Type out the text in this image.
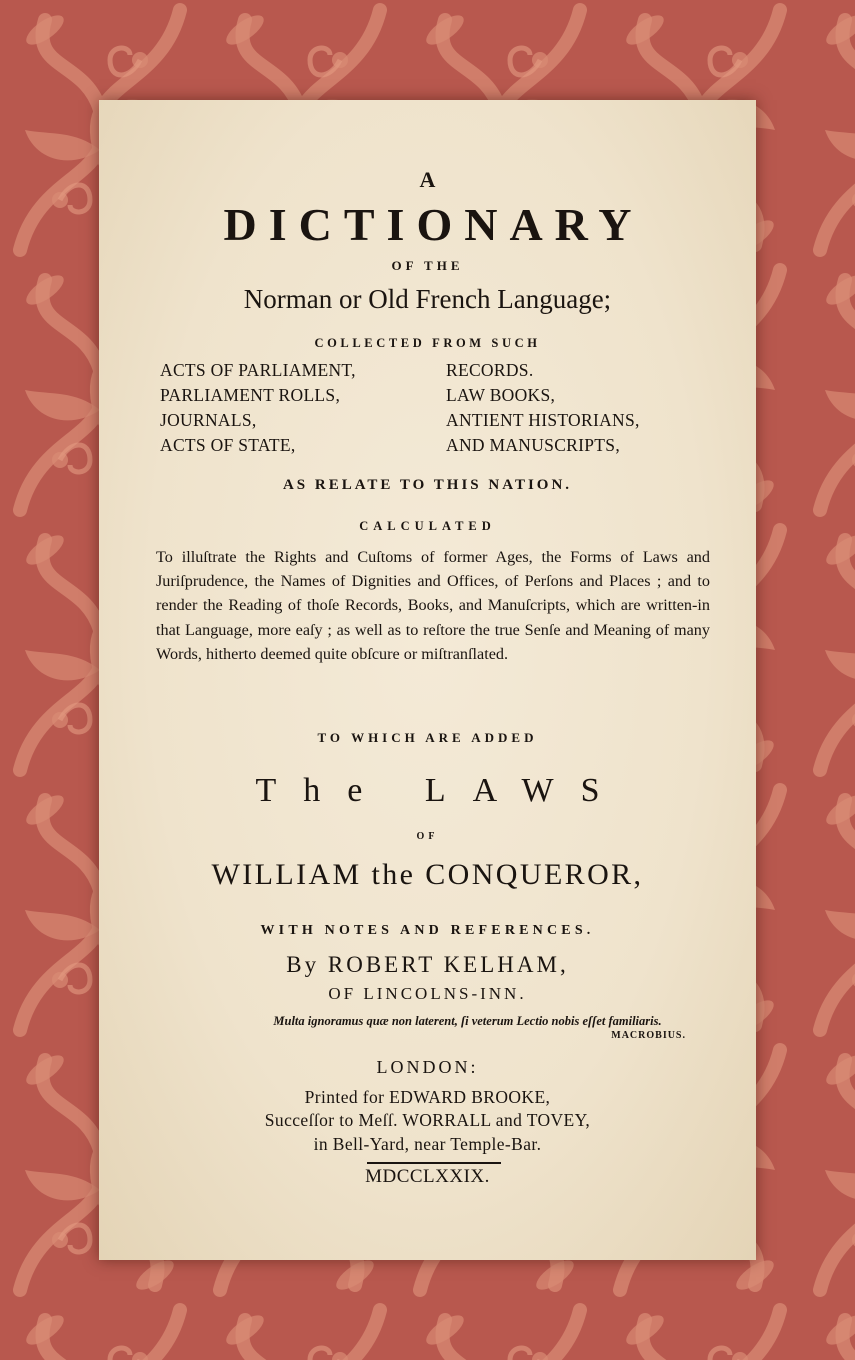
A
DICTIONARY
OF THE
Norman or Old French Language;
COLLECTED FROM SUCH
ACTS OF PARLIAMENT,
PARLIAMENT ROLLS,
JOURNALS,
ACTS OF STATE,
RECORDS.
LAW BOOKS,
ANTIENT HISTORIANS,
AND MANUSCRIPTS,
AS RELATE TO THIS NATION.
CALCULATED
To illuſtrate the Rights and Cuſtoms of former Ages, the Forms of Laws and Juriſprudence, the Names of Dignities and Offices, of Perſons and Places ; and to render the Reading of thoſe Records, Books, and Manuſcripts, which are written-in that Language, more eaſy ; as well as to reſtore the true Senſe and Meaning of many Words, hitherto deemed quite obſcure or miſtranſlated.
TO WHICH ARE ADDED
The LAWS
OF
WILLIAM the CONQUEROR,
WITH NOTES AND REFERENCES.
By ROBERT KELHAM,
OF LINCOLNS-INN.
Multa ignoramus quæ non laterent, ſi veterum Lectio nobis eſſet familiaris.
MACROBIUS.
LONDON:
Printed for EDWARD BROOKE,
Succeſſor to Meſſ. WORRALL and TOVEY,
in Bell-Yard, near Temple-Bar.
MDCCLXXIX.
